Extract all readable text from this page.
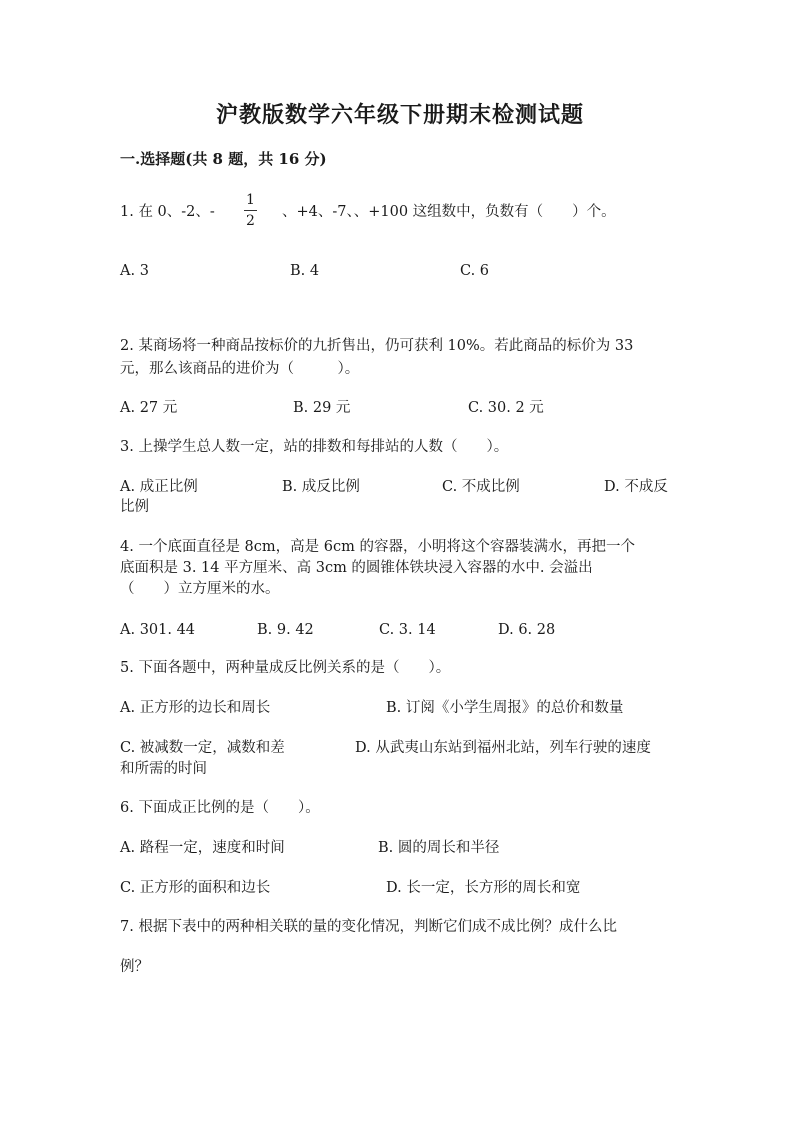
沪教版数学六年级下册期末检测试题
一.选择题(共 8 题，共 16 分)
1. 在 0、-2、-
1
2
、+4、-7、、+100 这组数中，负数有（　　）个。
A. 3	B. 4	C. 6
2. 某商场将一种商品按标价的九折售出，仍可获利 10%。若此商品的标价为 33
元，那么该商品的进价为（　　　）。
A. 27 元	B. 29 元	C. 30. 2 元
3. 上操学生总人数一定，站的排数和每排站的人数（　　）。
A. 成正比例	B. 成反比例	C. 不成比例	D. 不成反
比例
4. 一个底面直径是 8cm，高是 6cm 的容器，小明将这个容器装满水，再把一个
底面积是 3. 14 平方厘米、高 3cm 的圆锥体铁块浸入容器的水中. 会溢出
（　　）立方厘米的水。
A. 301. 44	B. 9. 42	C. 3. 14	D. 6. 28
5. 下面各题中，两种量成反比例关系的是（　　）。
A. 正方形的边长和周长	B. 订阅《小学生周报》的总价和数量
C. 被减数一定，减数和差	D. 从武夷山东站到福州北站，列车行驶的速度
和所需的时间
6. 下面成正比例的是（　　）。
A. 路程一定，速度和时间	B. 圆的周长和半径
C. 正方形的面积和边长	D. 长一定，长方形的周长和宽
7. 根据下表中的两种相关联的量的变化情况，判断它们成不成比例？成什么比
例？
